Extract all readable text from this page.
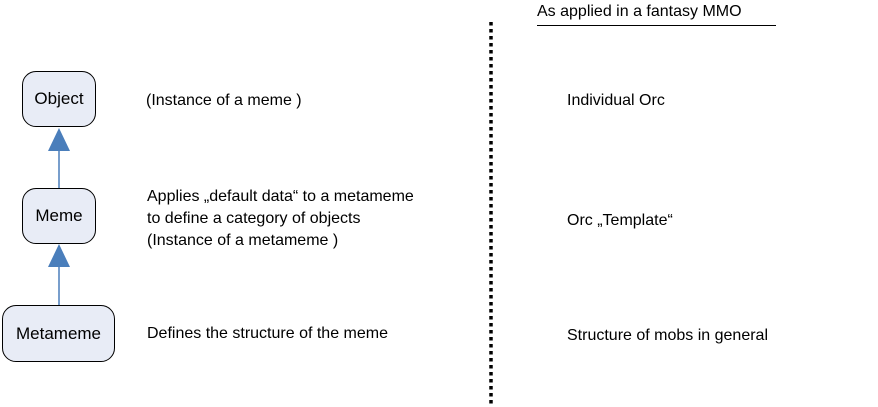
Object
Meme
Metameme
(Instance of a meme )
Applies „default data“ to a metameme
to define a category of objects
(Instance of a metameme )
Defines the structure of the meme
As applied in a fantasy MMO
Individual Orc
Orc „Template“
Structure of mobs in general
